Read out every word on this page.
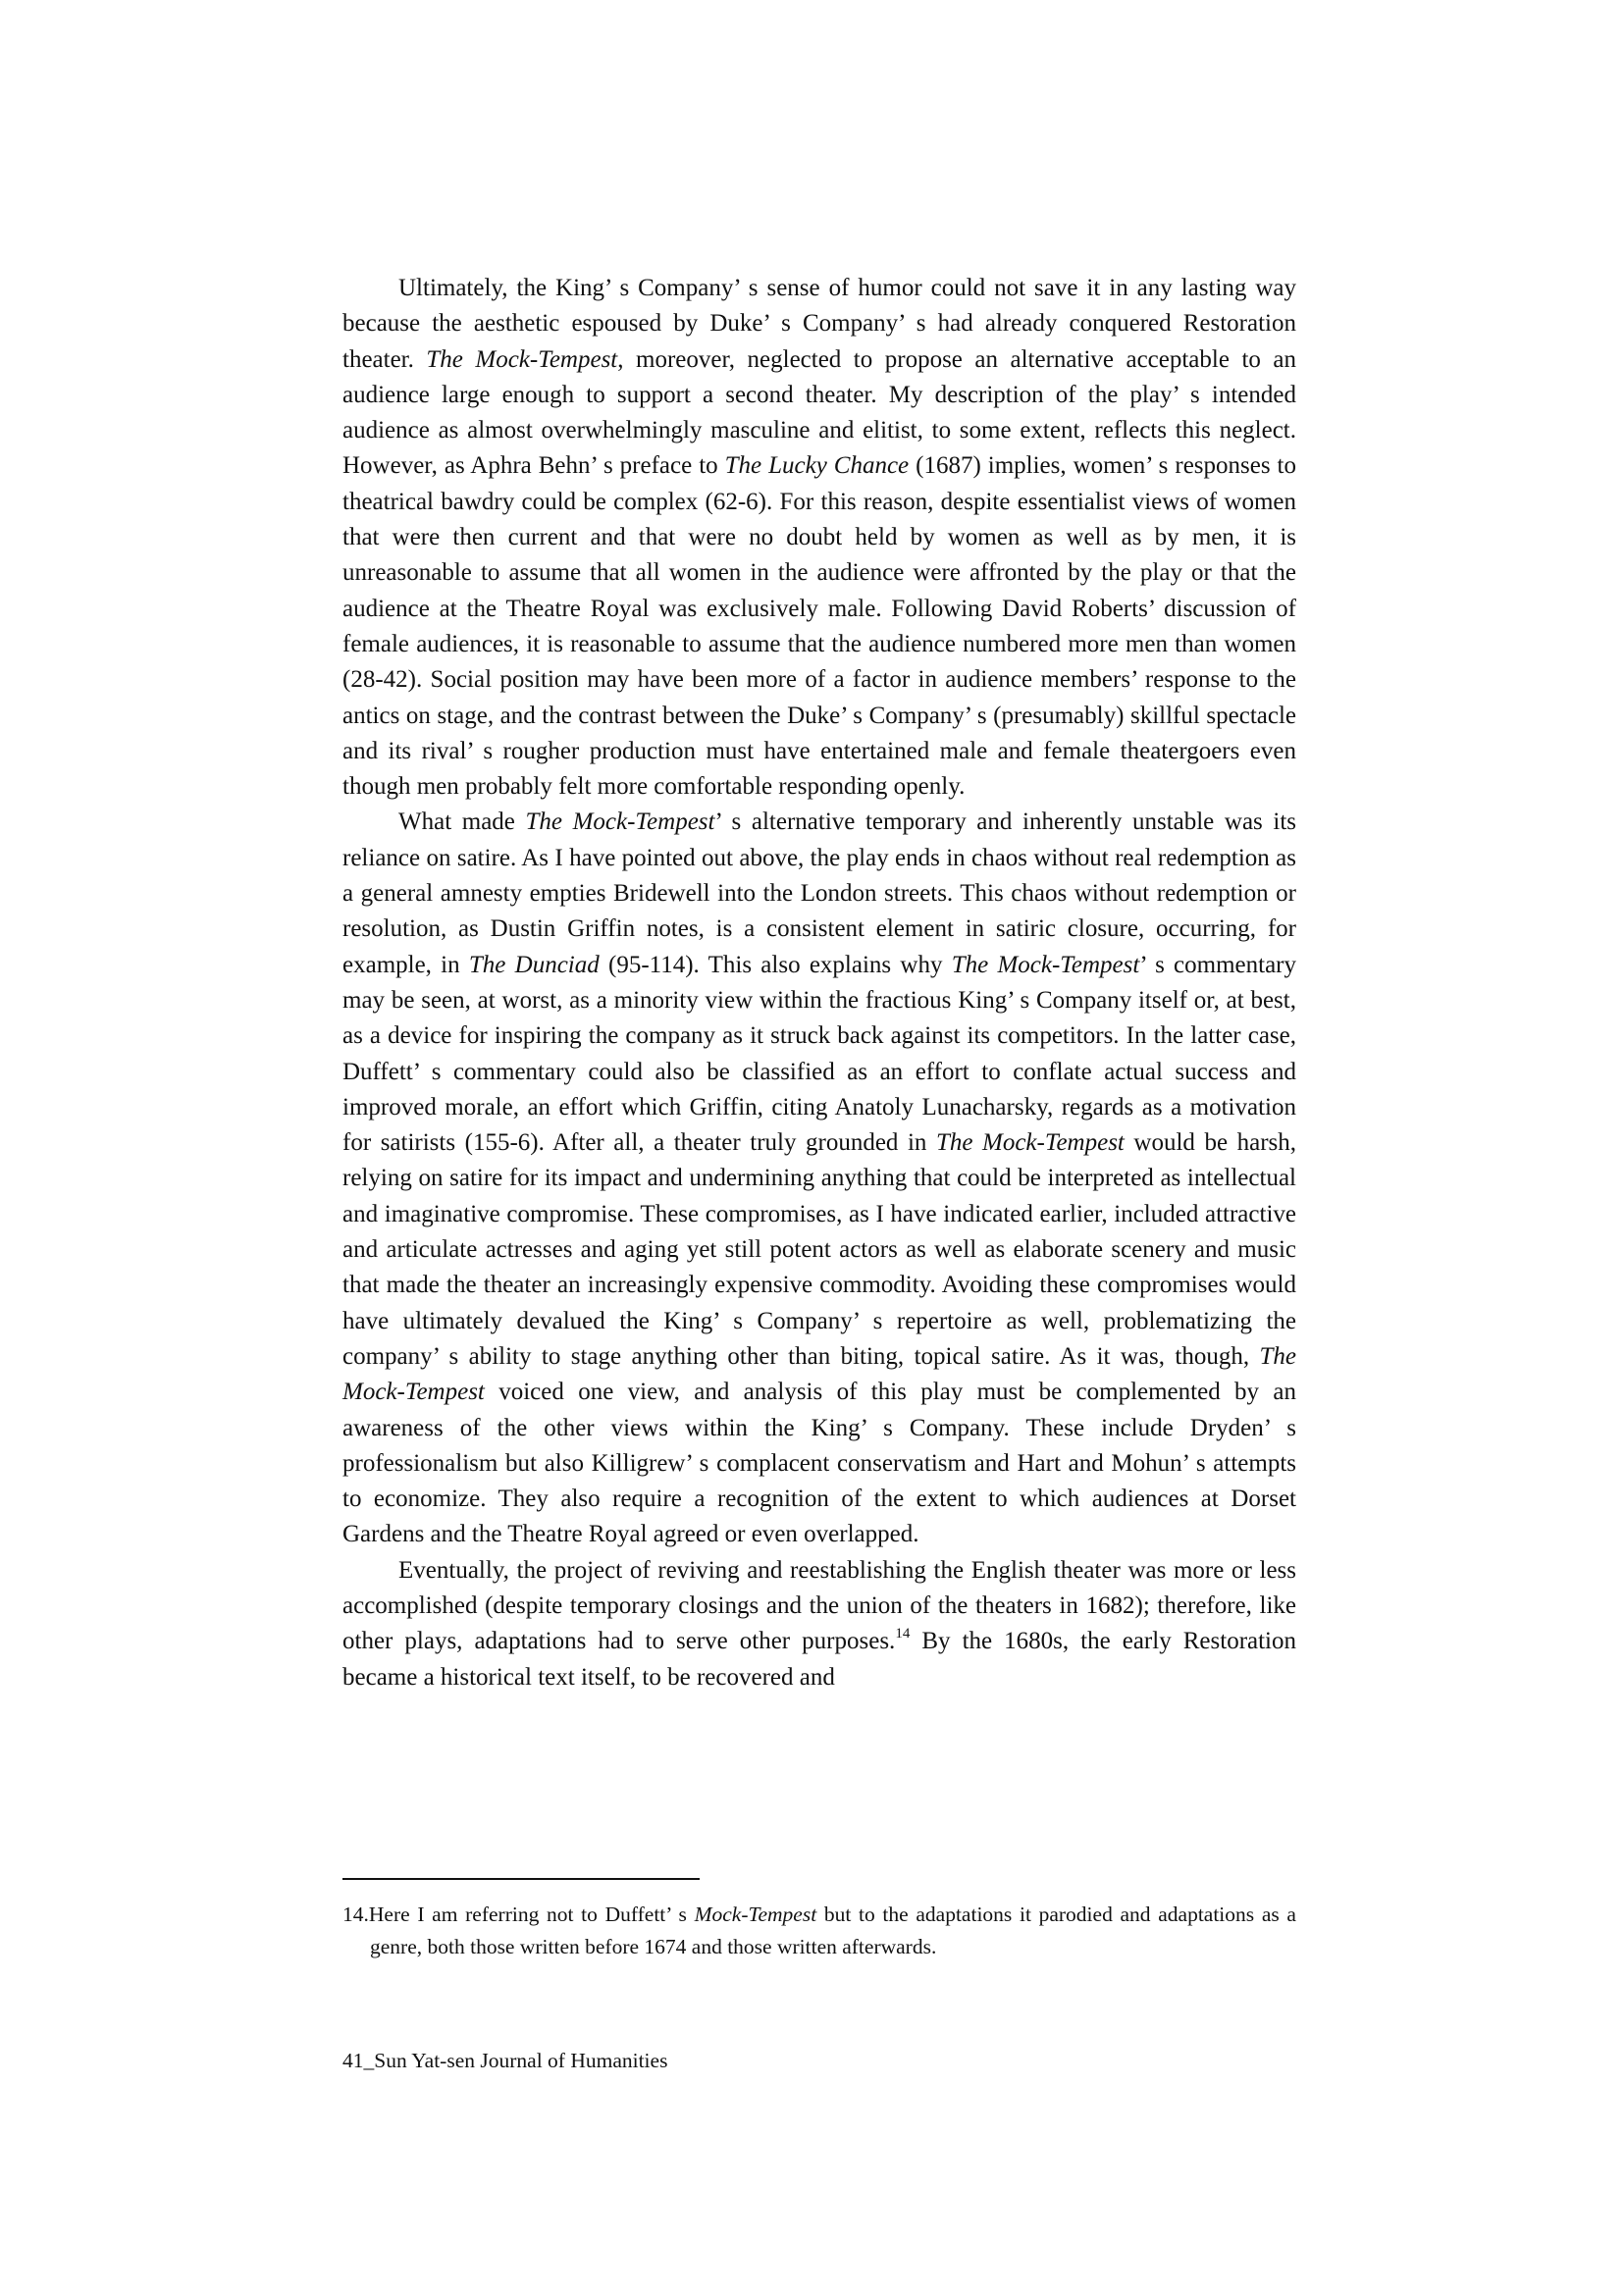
Ultimately, the King’ s Company’ s sense of humor could not save it in any lasting way because the aesthetic espoused by Duke’ s Company’ s had already conquered Restoration theater. The Mock-Tempest, moreover, neglected to propose an alternative acceptable to an audience large enough to support a second theater. My description of the play’ s intended audience as almost overwhelmingly masculine and elitist, to some extent, reflects this neglect. However, as Aphra Behn’ s preface to The Lucky Chance (1687) implies, women’ s responses to theatrical bawdry could be complex (62-6). For this reason, despite essentialist views of women that were then current and that were no doubt held by women as well as by men, it is unreasonable to assume that all women in the audience were affronted by the play or that the audience at the Theatre Royal was exclusively male. Following David Roberts’ discussion of female audiences, it is reasonable to assume that the audience numbered more men than women (28-42). Social position may have been more of a factor in audience members’ response to the antics on stage, and the contrast between the Duke’ s Company’ s (presumably) skillful spectacle and its rival’ s rougher production must have entertained male and female theatergoers even though men probably felt more comfortable responding openly.

What made The Mock-Tempest’ s alternative temporary and inherently unstable was its reliance on satire. As I have pointed out above, the play ends in chaos without real redemption as a general amnesty empties Bridewell into the London streets. This chaos without redemption or resolution, as Dustin Griffin notes, is a consistent element in satiric closure, occurring, for example, in The Dunciad (95-114). This also explains why The Mock-Tempest’ s commentary may be seen, at worst, as a minority view within the fractious King’ s Company itself or, at best, as a device for inspiring the company as it struck back against its competitors. In the latter case, Duffett’ s commentary could also be classified as an effort to conflate actual success and improved morale, an effort which Griffin, citing Anatoly Lunacharsky, regards as a motivation for satirists (155-6). After all, a theater truly grounded in The Mock-Tempest would be harsh, relying on satire for its impact and undermining anything that could be interpreted as intellectual and imaginative compromise. These compromises, as I have indicated earlier, included attractive and articulate actresses and aging yet still potent actors as well as elaborate scenery and music that made the theater an increasingly expensive commodity. Avoiding these compromises would have ultimately devalued the King’ s Company’ s repertoire as well, problematizing the company’ s ability to stage anything other than biting, topical satire. As it was, though, The Mock-Tempest voiced one view, and analysis of this play must be complemented by an awareness of the other views within the King’ s Company. These include Dryden’ s professionalism but also Killigrew’ s complacent conservatism and Hart and Mohun’ s attempts to economize. They also require a recognition of the extent to which audiences at Dorset Gardens and the Theatre Royal agreed or even overlapped.

Eventually, the project of reviving and reestablishing the English theater was more or less accomplished (despite temporary closings and the union of the theaters in 1682); therefore, like other plays, adaptations had to serve other purposes.$^{14}$ By the 1680s, the early Restoration became a historical text itself, to be recovered and

14.Here I am referring not to Duffett’ s Mock-Tempest but to the adaptations it parodied and adaptations as a genre, both those written before 1674 and those written afterwards.

41_Sun Yat-sen Journal of Humanities
